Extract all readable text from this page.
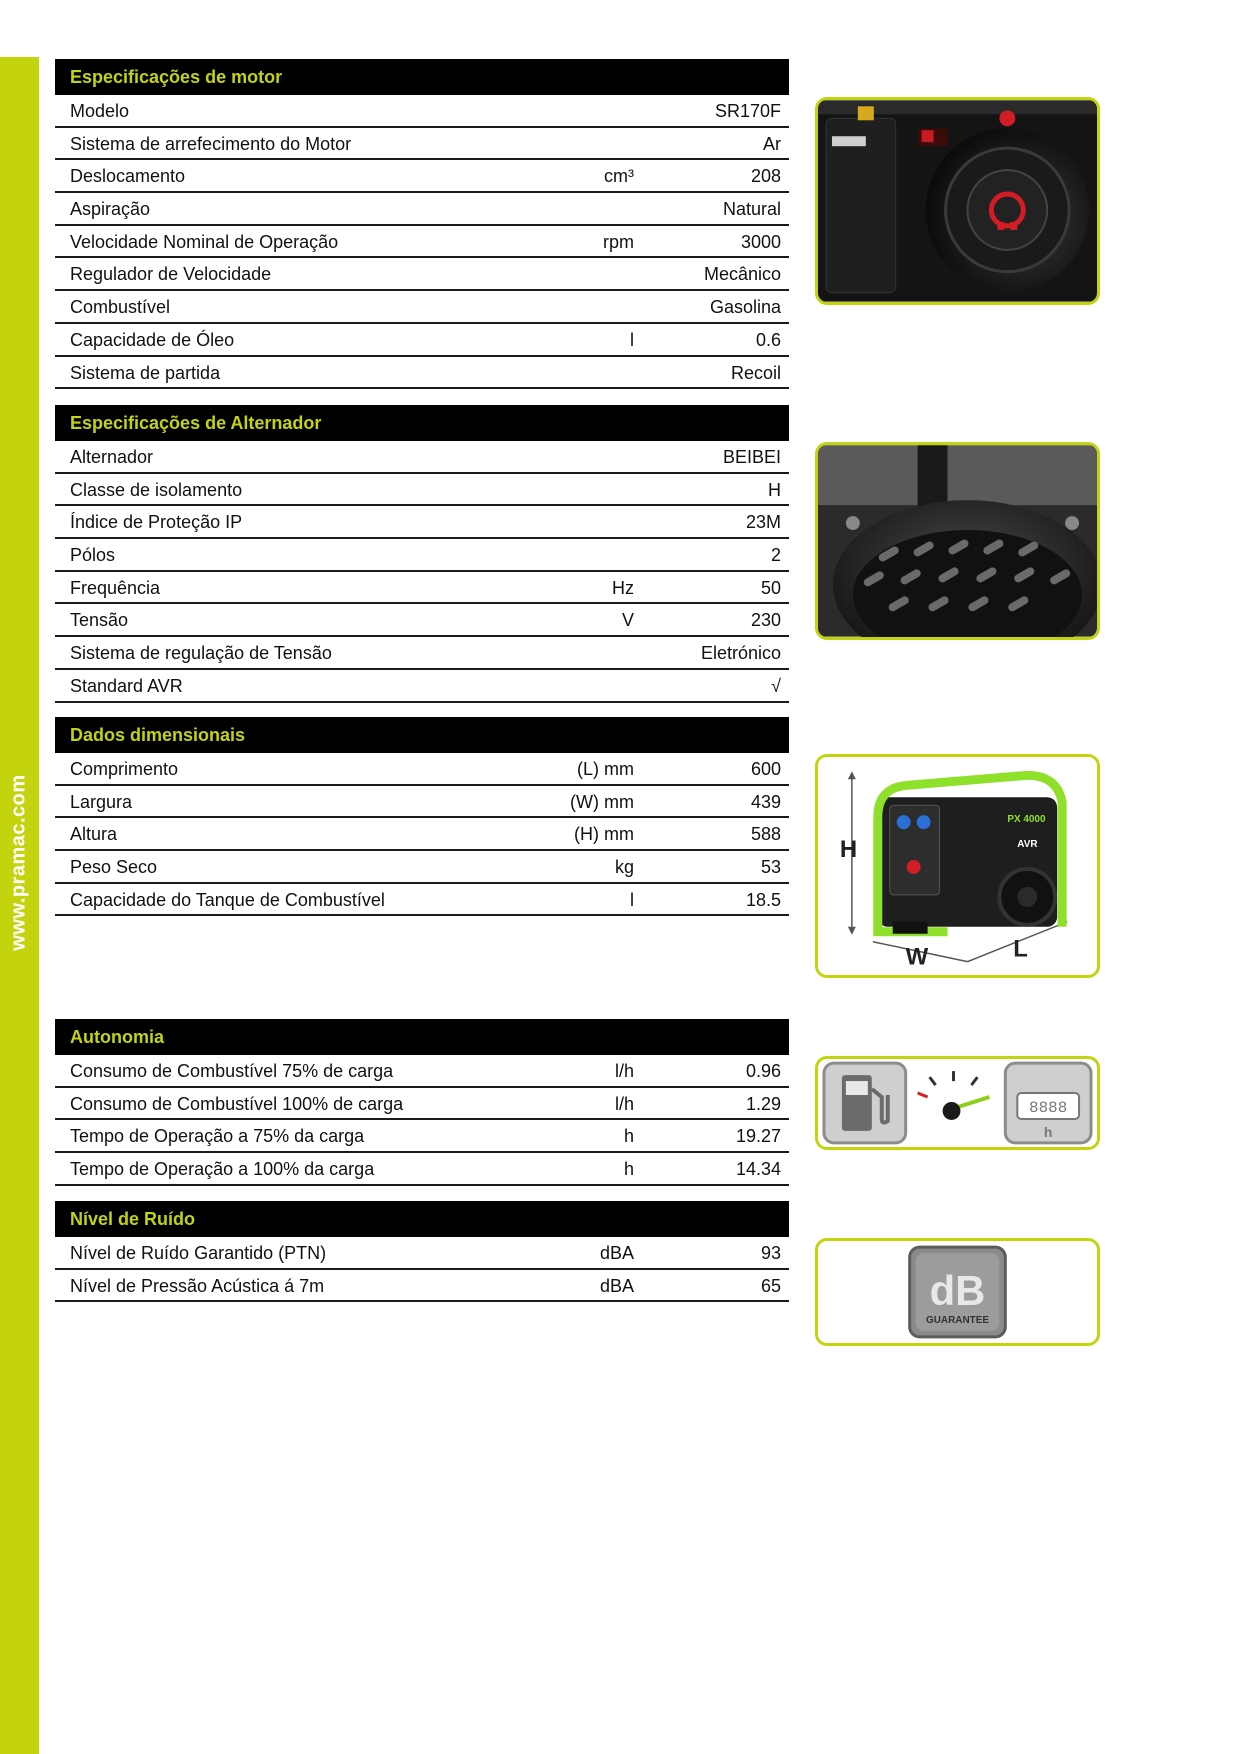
www.pramac.com
Especificações de motor
Modelo	SR170F
Sistema de arrefecimento do Motor	Ar
Deslocamento	cm³	208
Aspiração	Natural
Velocidade Nominal de Operação	rpm	3000
Regulador de Velocidade	Mecânico
Combustível	Gasolina
Capacidade de Óleo	l	0.6
Sistema de partida	Recoil
Especificações de Alternador
Alternador	BEIBEI
Classe de isolamento	H
Índice de Proteção IP	23M
Pólos	2
Frequência	Hz	50
Tensão	V	230
Sistema de regulação de Tensão	Eletrónico
Standard AVR	√
Dados dimensionais
Comprimento	(L) mm	600
Largura	(W) mm	439
Altura	(H) mm	588
Peso Seco	kg	53
Capacidade do Tanque de Combustível	l	18.5
Autonomia
Consumo de Combustível 75% de carga	l/h	0.96
Consumo de Combustível 100% de carga	l/h	1.29
Tempo de Operação a 75% da carga	h	19.27
Tempo de Operação a 100% da carga	h	14.34
Nível de Ruído
Nível de Ruído Garantido (PTN)	dBA	93
Nível de Pressão Acústica á 7m	dBA	65
H
W	L
PX 4000
AVR
8888
h
dB
GUARANTEE
